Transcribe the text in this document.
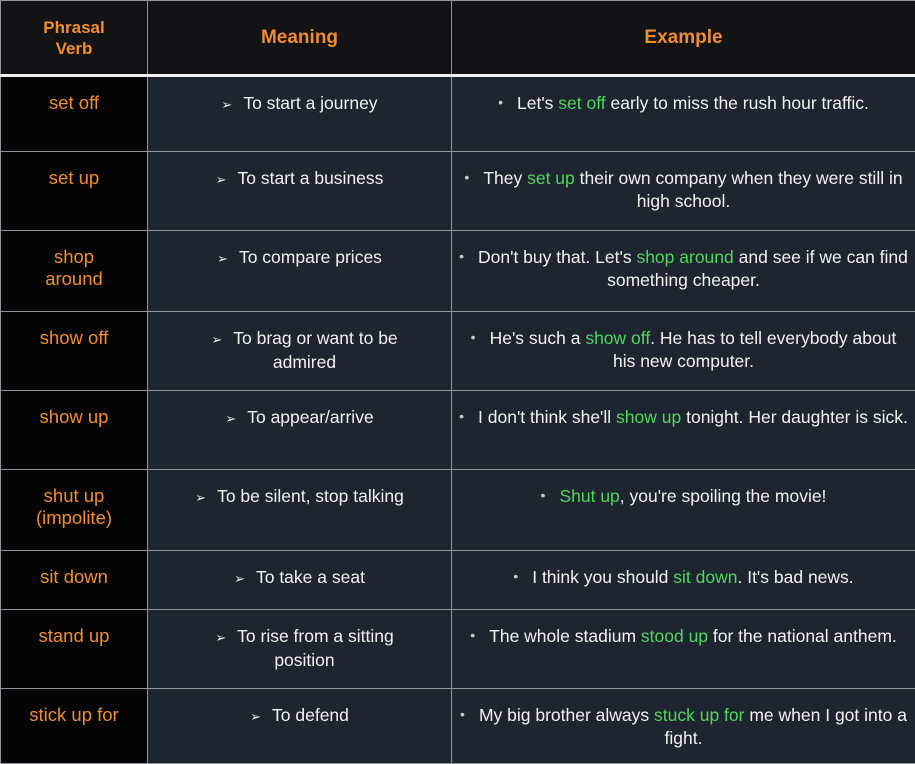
Phrasal Verb	Meaning	Example
set off	➢ To start a journey	• Let's set off early to miss the rush hour traffic.
set up	➢ To start a business	• They set up their own company when they were still in high school.
shop around	➢ To compare prices	• Don't buy that. Let's shop around and see if we can find something cheaper.
show off	➢ To brag or want to be admired	• He's such a show off. He has to tell everybody about his new computer.
show up	➢ To appear/arrive	• I don't think she'll show up tonight. Her daughter is sick.
shut up (impolite)	➢ To be silent, stop talking	• Shut up, you're spoiling the movie!
sit down	➢ To take a seat	• I think you should sit down. It's bad news.
stand up	➢ To rise from a sitting position	• The whole stadium stood up for the national anthem.
stick up for	➢ To defend	• My big brother always stuck up for me when I got into a fight.
